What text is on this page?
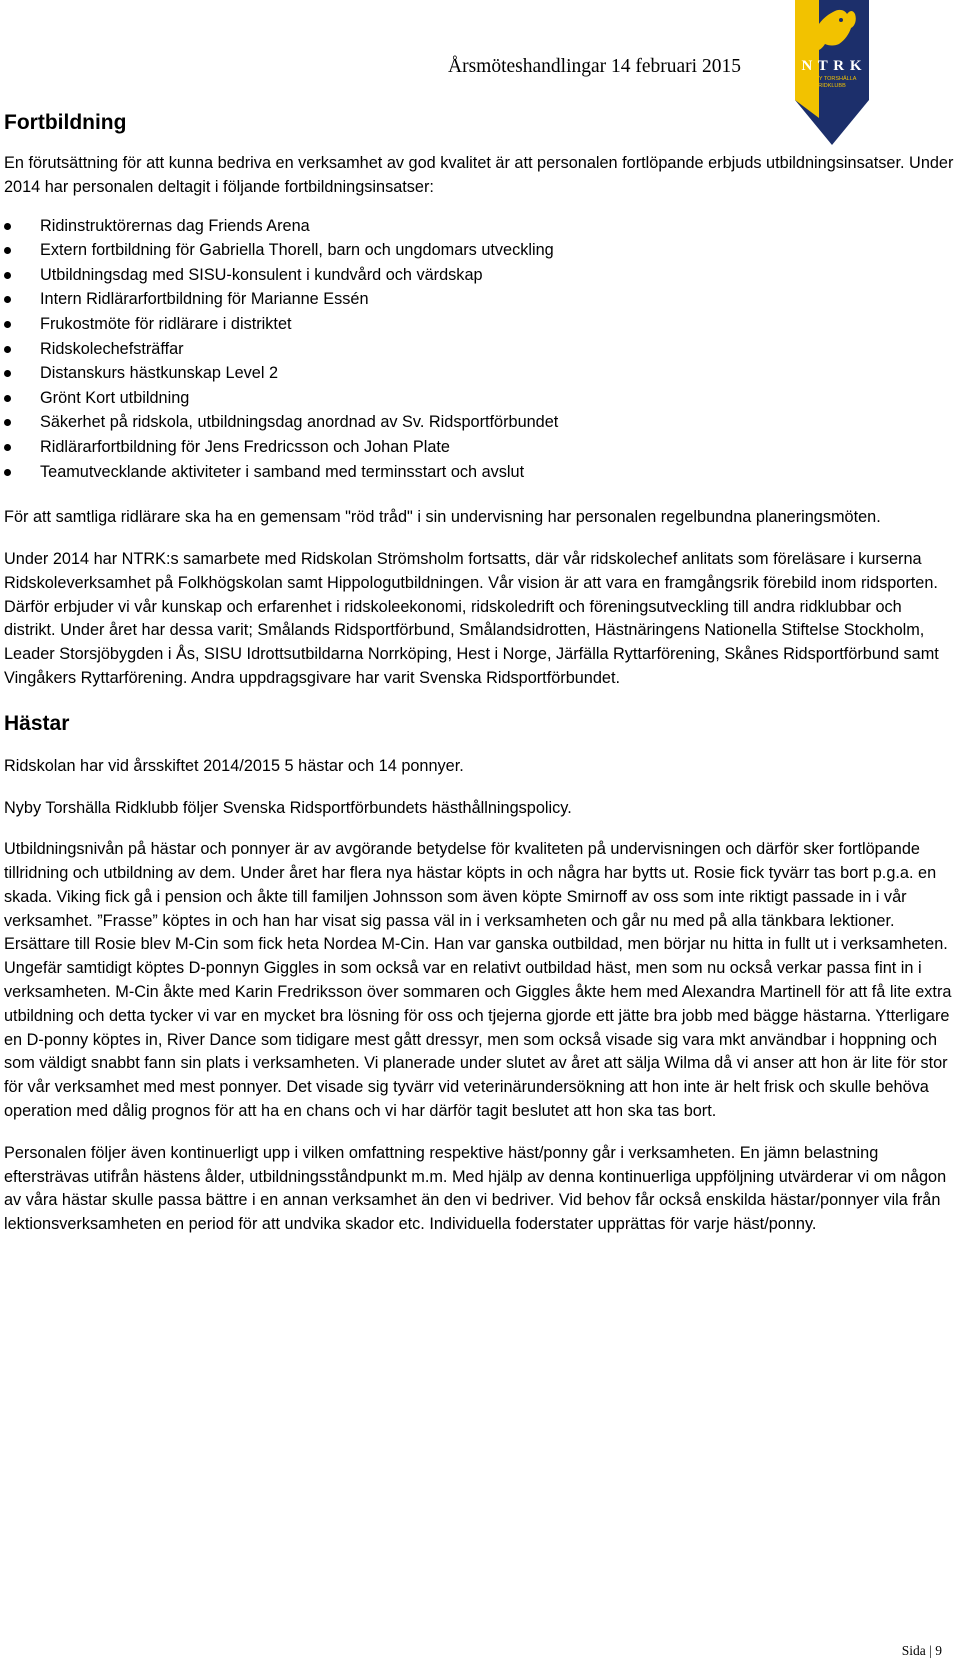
Årsmöteshandlingar 14 februari 2015	N T R K
NYBY TORSHÄLLA
RIDKLUBB
Fortbildning

En förutsättning för att kunna bedriva en verksamhet av god kvalitet är att personalen fortlöpande erbjuds utbildningsinsatser. Under 2014 har personalen deltagit i följande fortbildningsinsatser:

Ridinstruktörernas dag Friends Arena
Extern fortbildning för Gabriella Thorell, barn och ungdomars utveckling
Utbildningsdag med SISU-konsulent i kundvård och värdskap
Intern Ridlärarfortbildning för Marianne Essén
Frukostmöte för ridlärare i distriktet
Ridskolechefsträffar
Distanskurs hästkunskap Level 2
Grönt Kort utbildning
Säkerhet på ridskola, utbildningsdag anordnad av Sv. Ridsportförbundet
Ridlärarfortbildning för Jens Fredricsson och Johan Plate
Teamutvecklande aktiviteter i samband med terminsstart och avslut

För att samtliga ridlärare ska ha en gemensam "röd tråd" i sin undervisning har personalen regelbundna planeringsmöten.

Under 2014 har NTRK:s samarbete med Ridskolan Strömsholm fortsatts, där vår ridskolechef anlitats som föreläsare i kurserna Ridskoleverksamhet på Folkhögskolan samt Hippologutbildningen. Vår vision är att vara en framgångsrik förebild inom ridsporten. Därför erbjuder vi vår kunskap och erfarenhet i ridskoleekonomi, ridskoledrift och föreningsutveckling till andra ridklubbar och distrikt. Under året har dessa varit; Smålands Ridsportförbund, Smålandsidrotten, Hästnäringens Nationella Stiftelse Stockholm, Leader Storsjöbygden i Ås, SISU Idrottsutbildarna Norrköping, Hest i Norge, Järfälla Ryttarförening, Skånes Ridsportförbund samt Vingåkers Ryttarförening. Andra uppdragsgivare har varit Svenska Ridsportförbundet.

Hästar

Ridskolan har vid årsskiftet 2014/2015 5 hästar och 14 ponnyer.

Nyby Torshälla Ridklubb följer Svenska Ridsportförbundets hästhållningspolicy.

Utbildningsnivån på hästar och ponnyer är av avgörande betydelse för kvaliteten på undervisningen och därför sker fortlöpande tillridning och utbildning av dem. Under året har flera nya hästar köpts in och några har bytts ut. Rosie fick tyvärr tas bort p.g.a. en skada. Viking fick gå i pension och åkte till familjen Johnsson som även köpte Smirnoff av oss som inte riktigt passade in i vår verksamhet. ”Frasse” köptes in och han har visat sig passa väl in i verksamheten och går nu med på alla tänkbara lektioner. Ersättare till Rosie blev M-Cin som fick heta Nordea M-Cin. Han var ganska outbildad, men börjar nu hitta in fullt ut i verksamheten. Ungefär samtidigt köptes D-ponnyn Giggles in som också var en relativt outbildad häst, men som nu också verkar passa fint in i verksamheten. M-Cin åkte med Karin Fredriksson över sommaren och Giggles åkte hem med Alexandra Martinell för att få lite extra utbildning och detta tycker vi var en mycket bra lösning för oss och tjejerna gjorde ett jätte bra jobb med bägge hästarna. Ytterligare en D-ponny köptes in, River Dance som tidigare mest gått dressyr, men som också visade sig vara mkt användbar i hoppning och som väldigt snabbt fann sin plats i verksamheten. Vi planerade under slutet av året att sälja Wilma då vi anser att hon är lite för stor för vår verksamhet med mest ponnyer. Det visade sig tyvärr vid veterinärundersökning att hon inte är helt frisk och skulle behöva operation med dålig prognos för att ha en chans och vi har därför tagit beslutet att hon ska tas bort.

Personalen följer även kontinuerligt upp i vilken omfattning respektive häst/ponny går i verksamheten. En jämn belastning eftersträvas utifrån hästens ålder, utbildningsståndpunkt m.m. Med hjälp av denna kontinuerliga uppföljning utvärderar vi om någon av våra hästar skulle passa bättre i en annan verksamhet än den vi bedriver. Vid behov får också enskilda hästar/ponnyer vila från lektionsverksamheten en period för att undvika skador etc. Individuella foderstater upprättas för varje häst/ponny.

Sida | 9
